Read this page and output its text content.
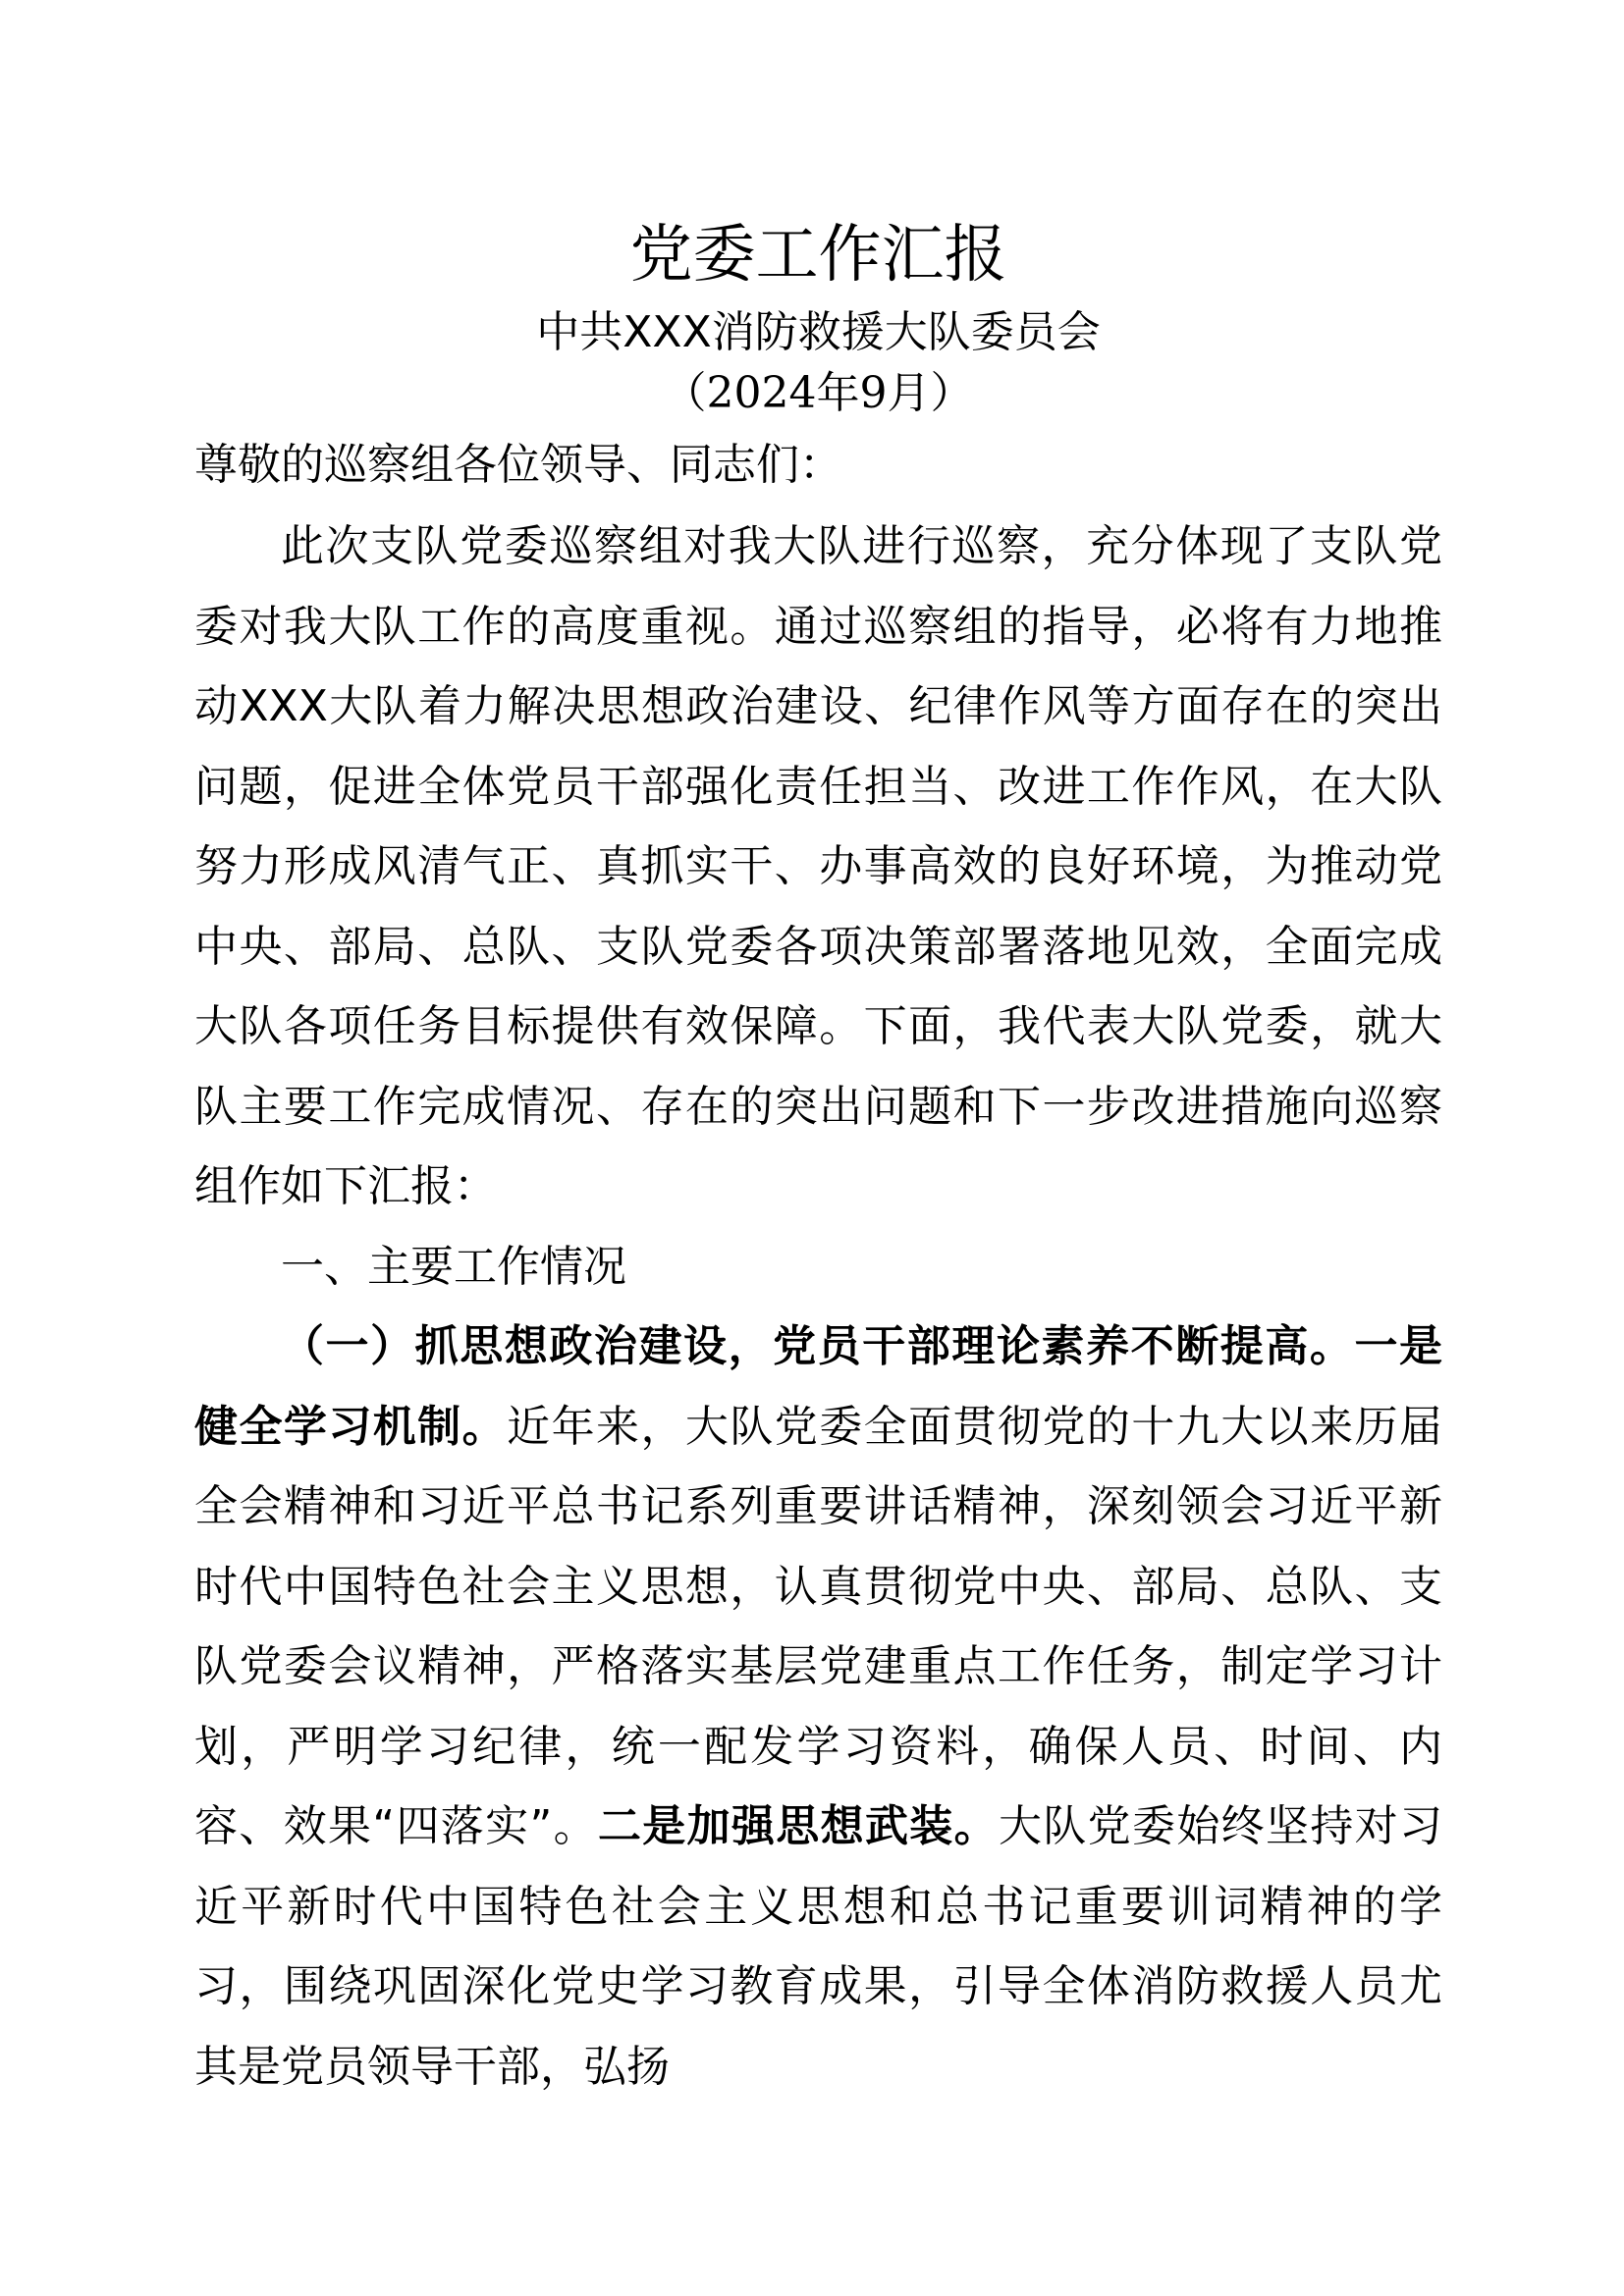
党委工作汇报

中共XXX消防救援大队委员会

（2024年9月）

尊敬的巡察组各位领导、同志们：

此次支队党委巡察组对我大队进行巡察，充分体现了支队党委对我大队工作的高度重视。通过巡察组的指导，必将有力地推动XXX大队着力解决思想政治建设、纪律作风等方面存在的突出问题，促进全体党员干部强化责任担当、改进工作作风，在大队努力形成风清气正、真抓实干、办事高效的良好环境，为推动党中央、部局、总队、支队党委各项决策部署落地见效，全面完成大队各项任务目标提供有效保障。下面，我代表大队党委，就大队主要工作完成情况、存在的突出问题和下一步改进措施向巡察组作如下汇报：

一、主要工作情况

（一）抓思想政治建设，党员干部理论素养不断提高。一是健全学习机制。近年来，大队党委全面贯彻党的十九大以来历届全会精神和习近平总书记系列重要讲话精神，深刻领会习近平新时代中国特色社会主义思想，认真贯彻党中央、部局、总队、支队党委会议精神，严格落实基层党建重点工作任务，制定学习计划，严明学习纪律，统一配发学习资料，确保人员、时间、内容、效果“四落实”。二是加强思想武装。大队党委始终坚持对习近平新时代中国特色社会主义思想和总书记重要训词精神的学习，围绕巩固深化党史学习教育成果，引导全体消防救援人员尤其是党员领导干部，弘扬
